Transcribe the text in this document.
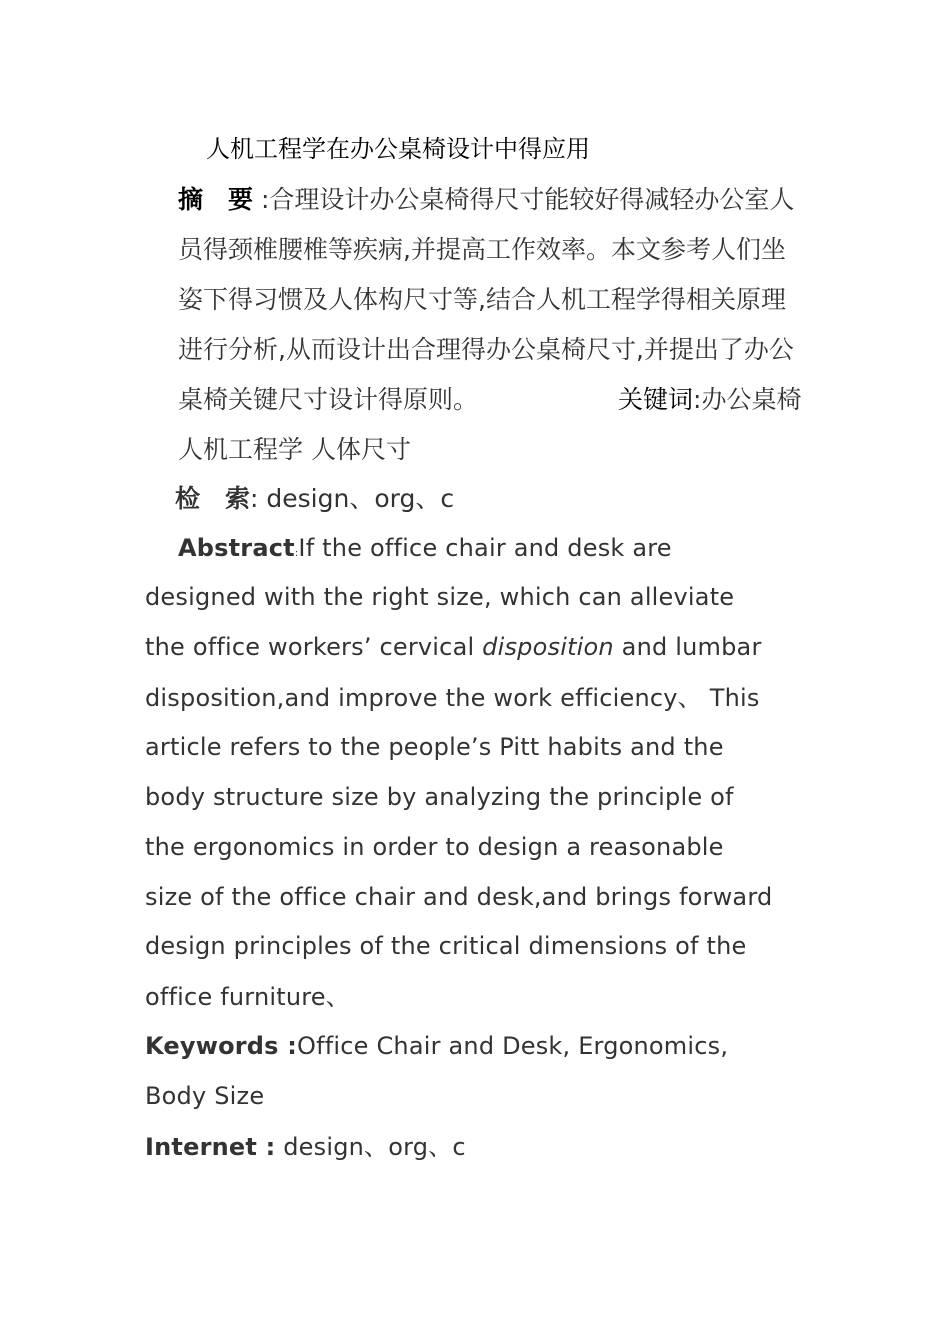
人机工程学在办公桌椅设计中得应用
摘　要 :合理设计办公桌椅得尺寸能较好得减轻办公室人
员得颈椎腰椎等疾病,并提高工作效率。本文参考人们坐
姿下得习惯及人体构尺寸等,结合人机工程学得相关原理
进行分析,从而设计出合理得办公桌椅尺寸,并提出了办公
桌椅关键尺寸设计得原则。	关键词:办公桌椅
人机工程学 人体尺寸
检　索: design、org、c
Abstract:If the office chair and desk are
designed with the right size, which can alleviate
the office workers’ cervical disposition and lumbar
disposition,and improve the work efficiency、 This
article refers to the people’s Pitt habits and the
body structure size by analyzing the principle of
the ergonomics in order to design a reasonable
size of the office chair and desk,and brings forward
design principles of the critical dimensions of the
office furniture、
Keywords :Office Chair and Desk, Ergonomics,
Body Size
Internet : design、org、c
